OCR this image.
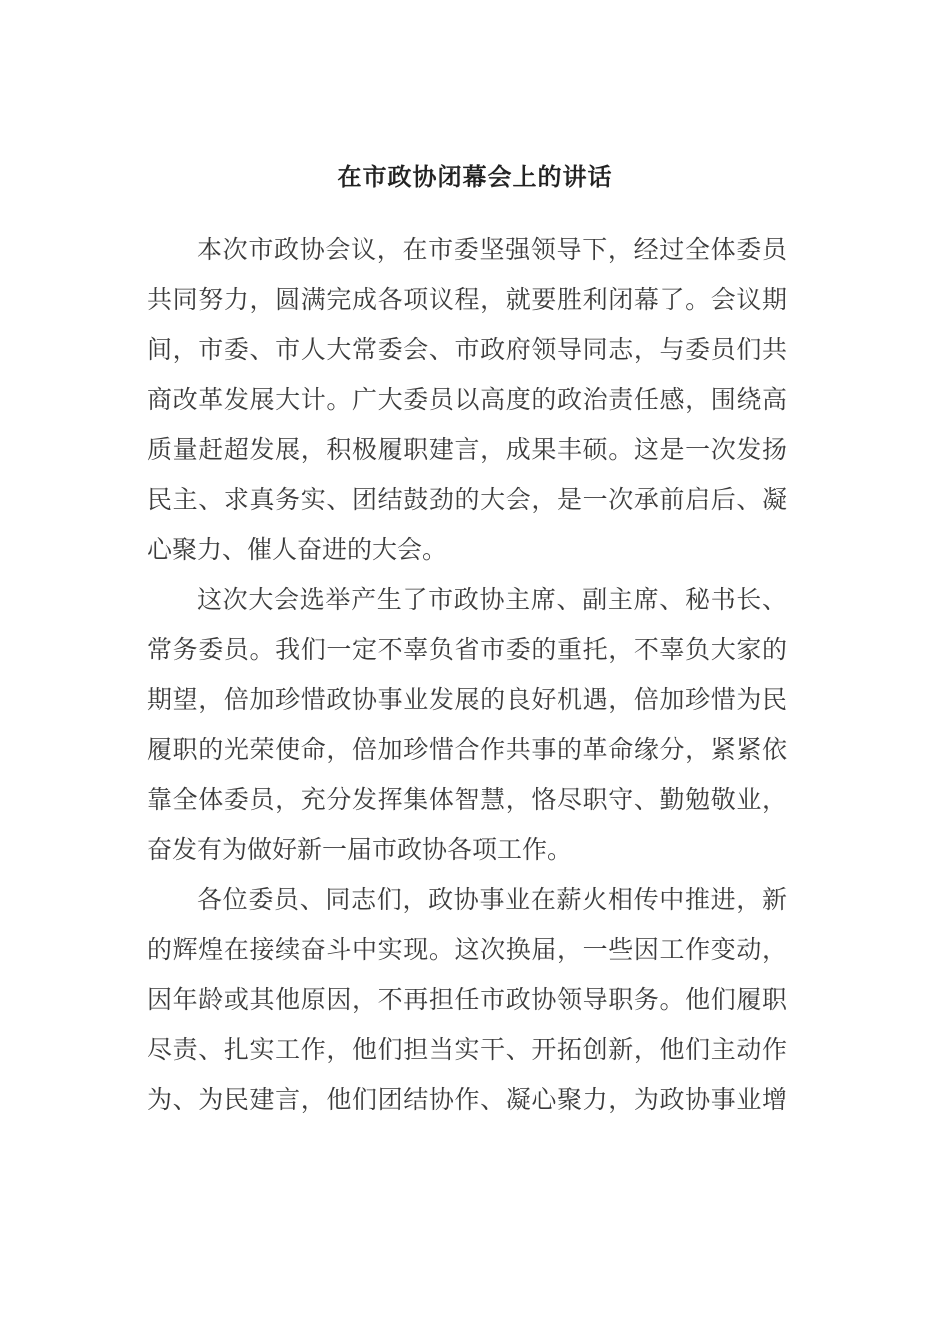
在市政协闭幕会上的讲话

本次市政协会议，在市委坚强领导下，经过全体委员

共同努力，圆满完成各项议程，就要胜利闭幕了。会议期

间，市委、市人大常委会、市政府领导同志，与委员们共

商改革发展大计。广大委员以高度的政治责任感，围绕高

质量赶超发展，积极履职建言，成果丰硕。这是一次发扬

民主、求真务实、团结鼓劲的大会，是一次承前启后、凝

心聚力、催人奋进的大会。

这次大会选举产生了市政协主席、副主席、秘书长、

常务委员。我们一定不辜负省市委的重托，不辜负大家的

期望，倍加珍惜政协事业发展的良好机遇，倍加珍惜为民

履职的光荣使命，倍加珍惜合作共事的革命缘分，紧紧依

靠全体委员，充分发挥集体智慧，恪尽职守、勤勉敬业，

奋发有为做好新一届市政协各项工作。

各位委员、同志们，政协事业在薪火相传中推进，新

的辉煌在接续奋斗中实现。这次换届，一些因工作变动，

因年龄或其他原因，不再担任市政协领导职务。他们履职

尽责、扎实工作，他们担当实干、开拓创新，他们主动作

为、为民建言，他们团结协作、凝心聚力，为政协事业增
